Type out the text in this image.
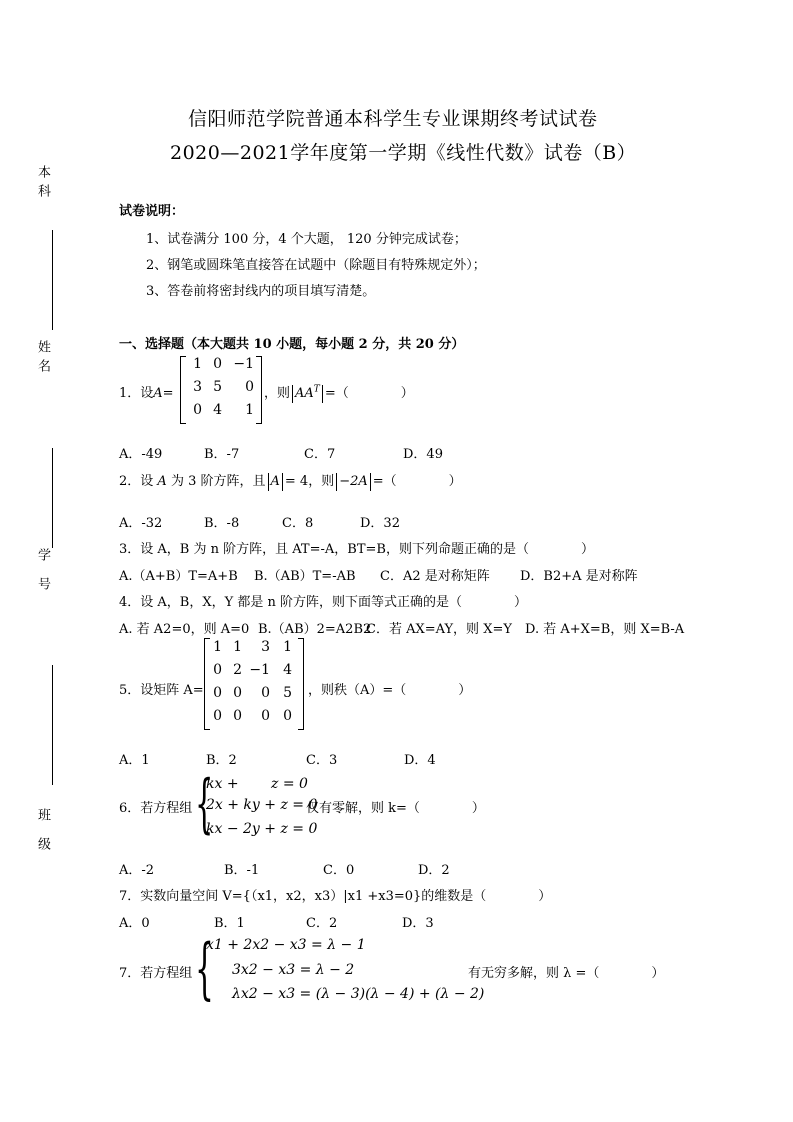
本科
姓名
学 号
班 级
信阳师范学院普通本科学生专业课期终考试试卷
2020—2021学年度第一学期《线性代数》试卷（B）
试卷说明：
1、试卷满分 100 分，4 个大题， 120 分钟完成试卷；
2、钢笔或圆珠笔直接答在试题中（除题目有特殊规定外）；
3、答卷前将密封线内的项目填写清楚。
一、选择题（本大题共 10 小题，每小题 2 分，共 20 分）
1．设A=
1 0 −1
3 5	0
0 4	1
，则 $AA^T$ =（　　　　）
A．-49	B．-7	C．7	D．49
2．设 A 为 3 阶方阵，且 A = 4，则 −2A =（　　　　）
A．-32	B．-8	C．8	D．32
3．设 A，B 为 n 阶方阵，且 AT=-A，BT=B，则下列命题正确的是（　　　　）
A.（A+B）T=A+B B.（AB）T=-AB C．A2 是对称矩阵 D．B2+A 是对称阵
4．设 A，B，X，Y 都是 n 阶方阵，则下面等式正确的是（　　　　）
A. 若 A2=0，则 A=0 B.（AB）2=A2B2
C．若 AX=AY，则 X=Y D. 若 A+X=B，则 X=B-A
5．设矩阵 A=
1 1	3 1
0 2 −1 4
0 0	0 5
0 0	0 0
，则秩（A）=（　　　　）
A．1	B．2	C．3	D．4
6．若方程组 {
kx +　　 z = 0
2x + ky + z = 0
kx − 2y + z = 0
仅有零解，则 k=（　　　　）
A．-2	B．-1	C．0	D．2
7．实数向量空间 V={（x1，x2，x3）|x1 +x3=0}的维数是（　　　　）
A．0	B．1	C．2	D．3
7．若方程组 {
x1 + 2x2 − x3 = λ − 1
3x2 − x3 = λ − 2
λx2 − x3 = (λ − 3)(λ − 4) + (λ − 2)
有无穷多解，则 λ =（　　　　）
